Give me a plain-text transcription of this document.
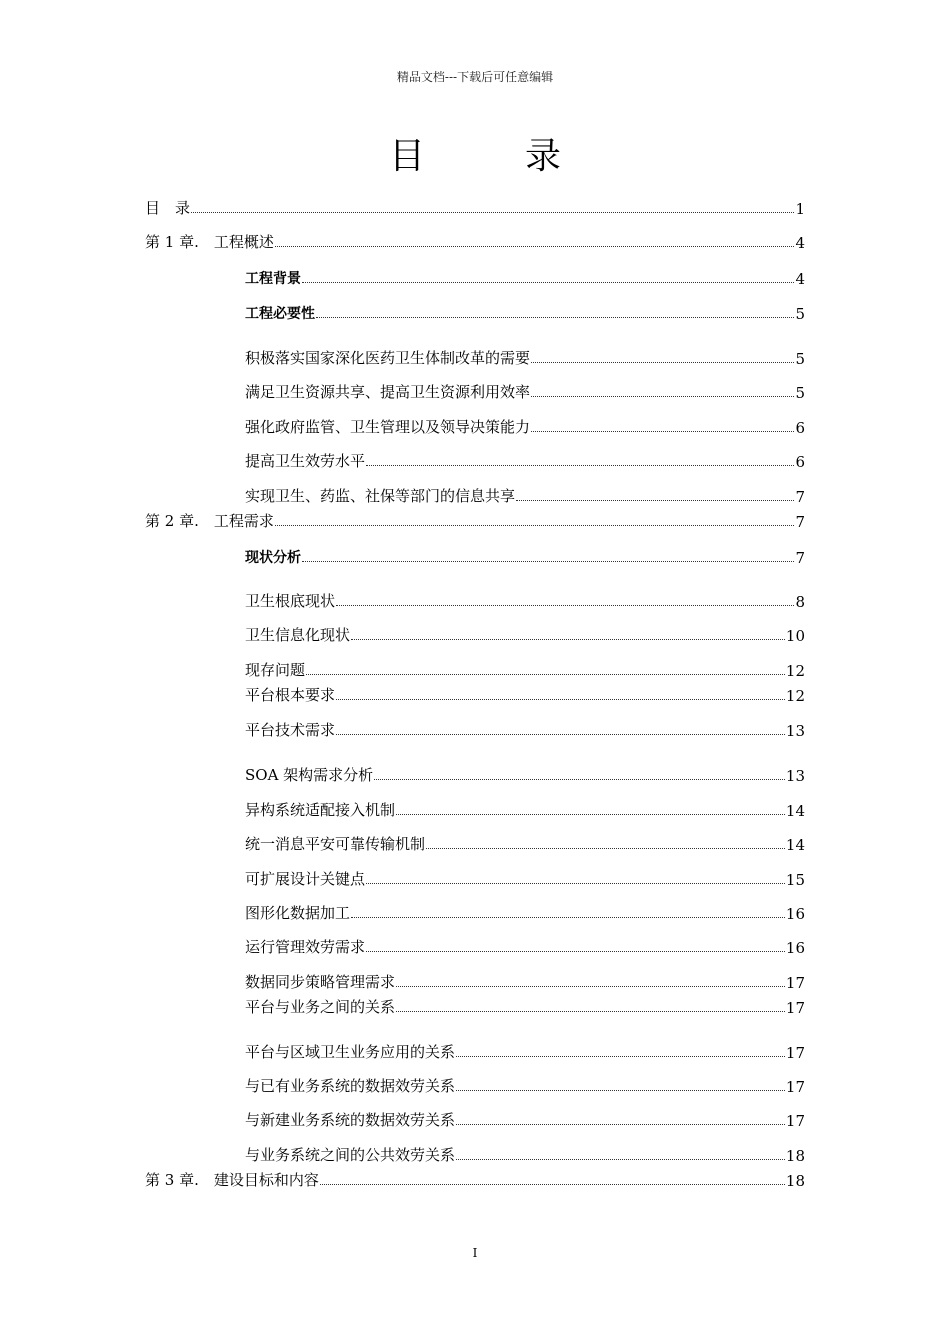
精品文档---下载后可任意编辑
目　录
目　录	1
第 1 章.　工程概述	4
工程背景	4
工程必要性	5
积极落实国家深化医药卫生体制改革的需要	5
满足卫生资源共享、提高卫生资源利用效率	5
强化政府监管、卫生管理以及领导决策能力	6
提高卫生效劳水平	6
实现卫生、药监、社保等部门的信息共享	7
第 2 章.　工程需求	7
现状分析	7
卫生根底现状	8
卫生信息化现状	10
现存问题	12
平台根本要求	12
平台技术需求	13
SOA 架构需求分析	13
异构系统适配接入机制	14
统一消息平安可靠传输机制	14
可扩展设计关键点	15
图形化数据加工	16
运行管理效劳需求	16
数据同步策略管理需求	17
平台与业务之间的关系	17
平台与区域卫生业务应用的关系	17
与已有业务系统的数据效劳关系	17
与新建业务系统的数据效劳关系	17
与业务系统之间的公共效劳关系	18
第 3 章.　建设目标和内容	18
I
